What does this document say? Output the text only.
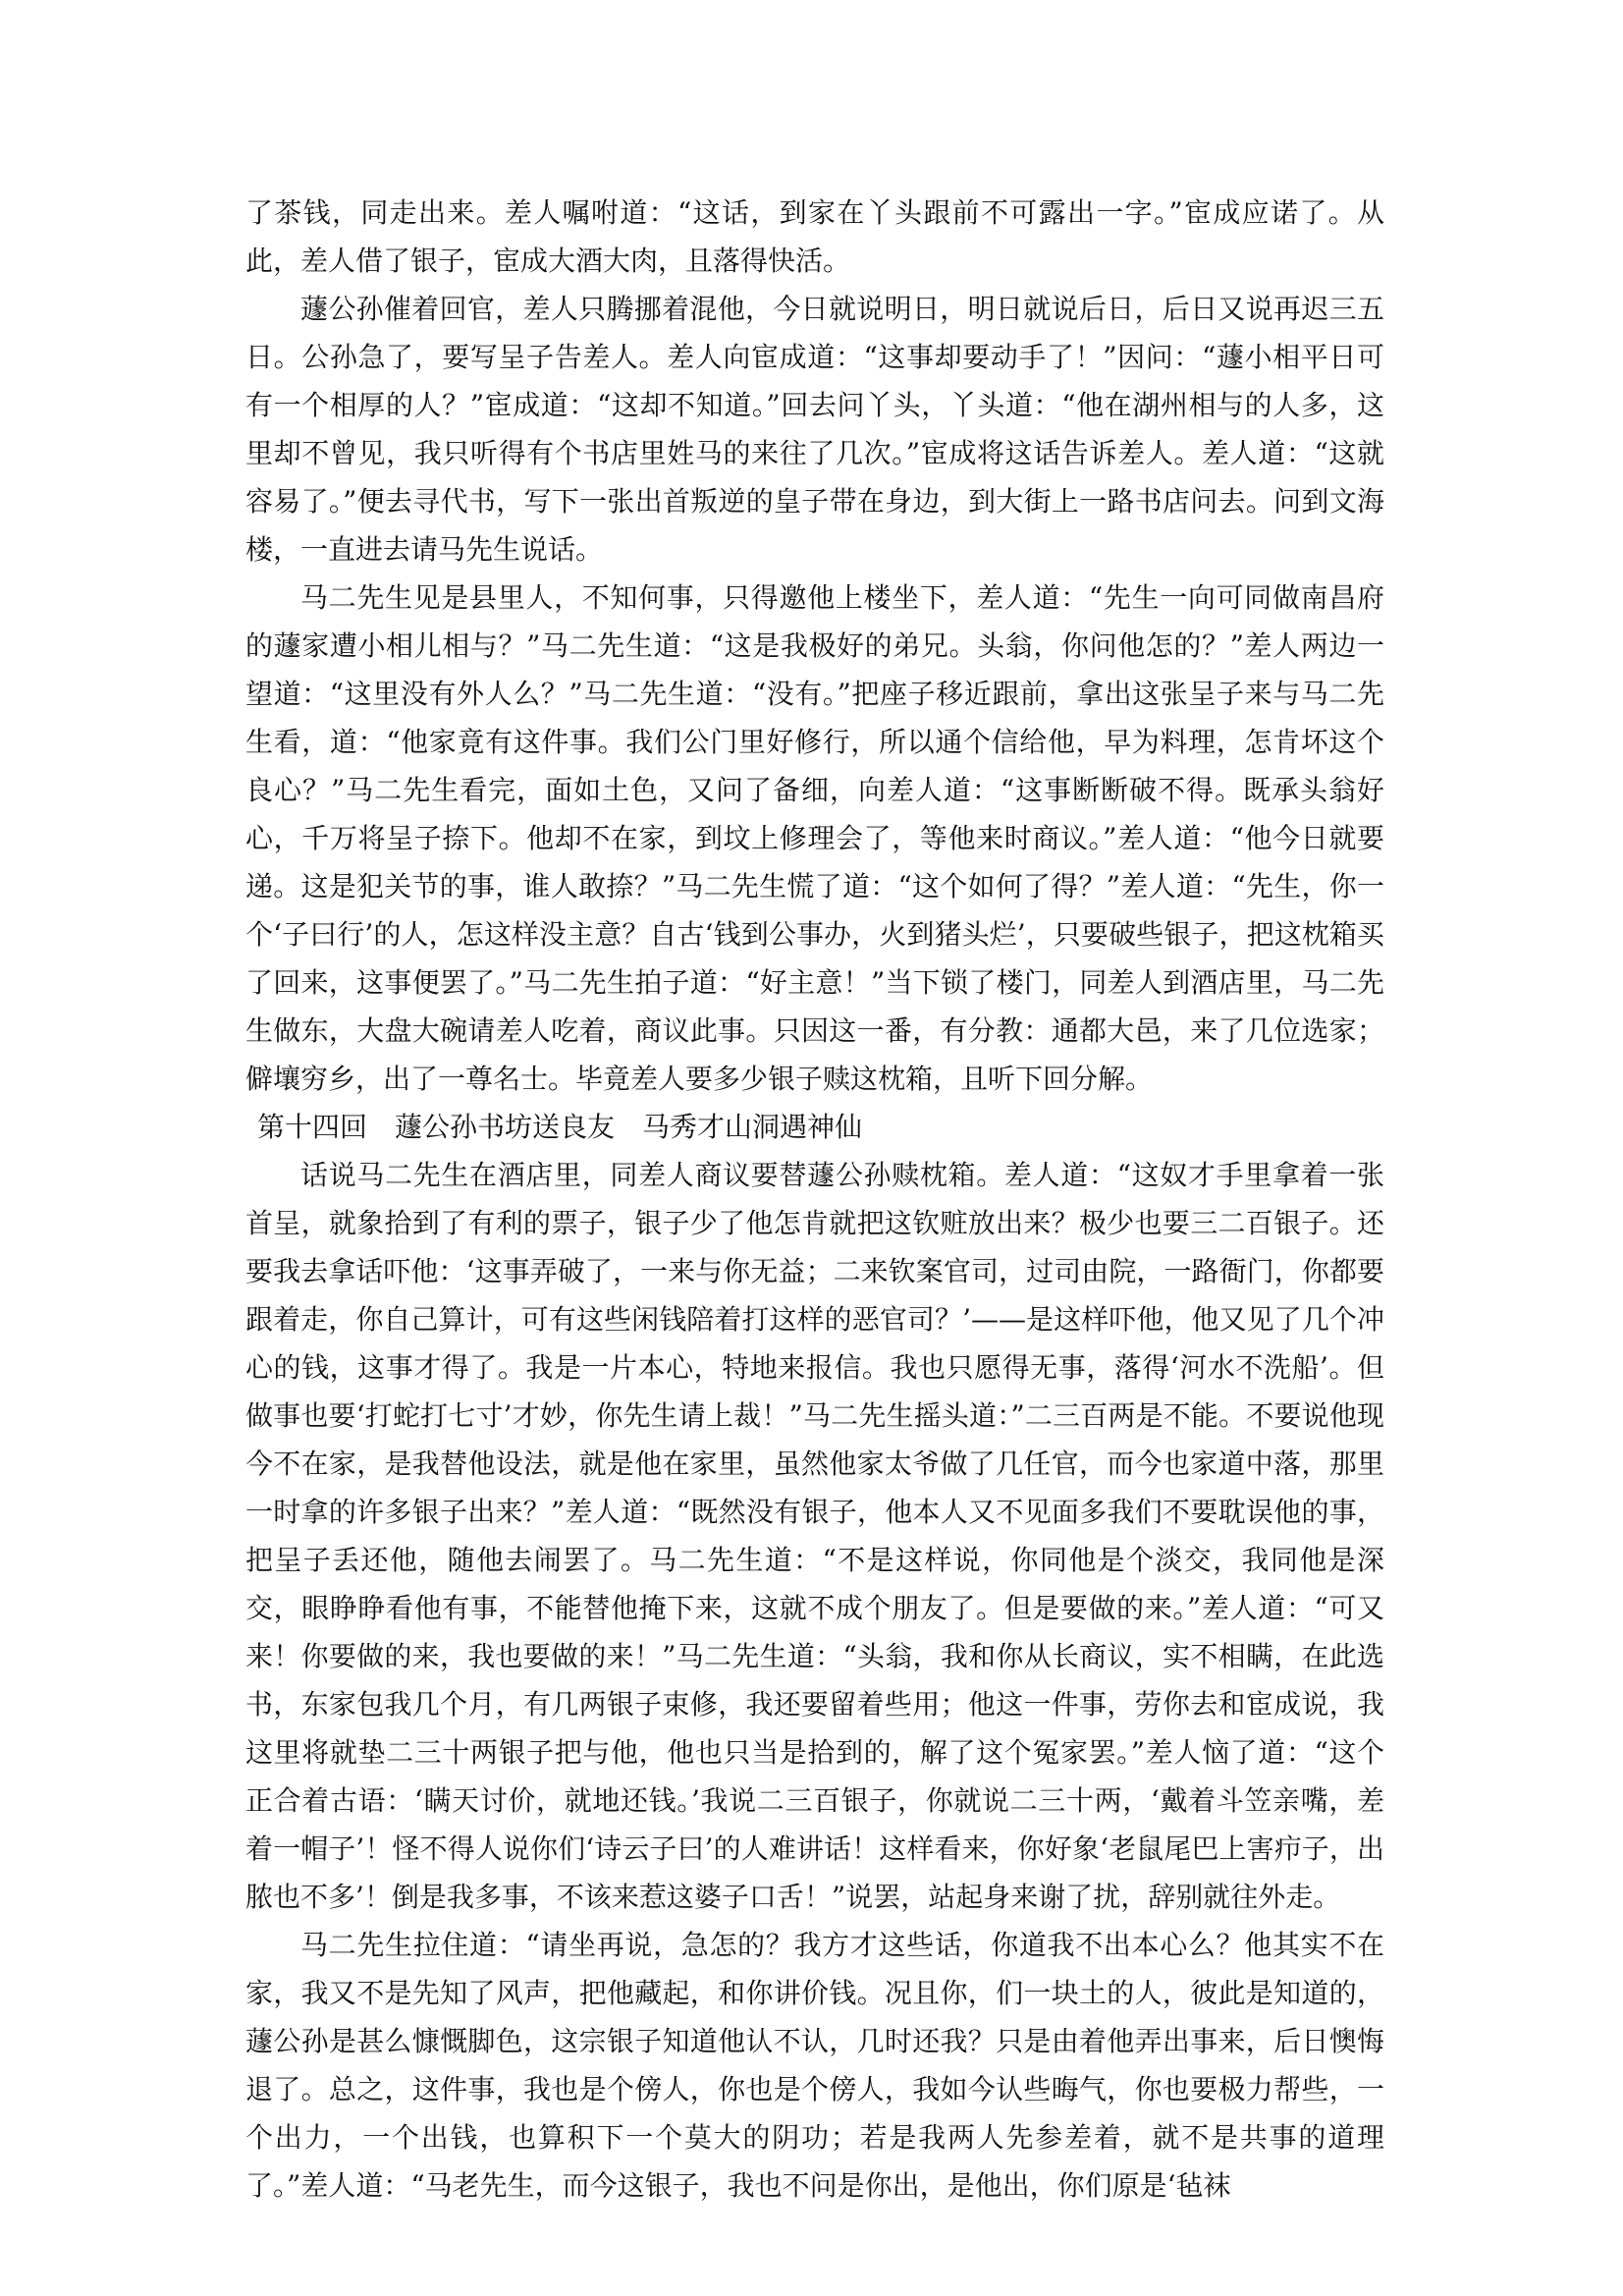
了茶钱，同走出来。差人嘱咐道：“这话，到家在丫头跟前不可露出一字。”宦成应诺了。从此，差人借了银子，宦成大酒大肉，且落得快活。

蘧公孙催着回官，差人只腾挪着混他，今日就说明日，明日就说后日，后日又说再迟三五日。公孙急了，要写呈子告差人。差人向宦成道：“这事却要动手了！”因问：“蘧小相平日可有一个相厚的人？”宦成道：“这却不知道。”回去问丫头，丫头道：“他在湖州相与的人多，这里却不曾见，我只听得有个书店里姓马的来往了几次。”宦成将这话告诉差人。差人道：“这就容易了。”便去寻代书，写下一张出首叛逆的皇子带在身边，到大街上一路书店问去。问到文海楼，一直进去请马先生说话。

马二先生见是县里人，不知何事，只得邀他上楼坐下，差人道：“先生一向可同做南昌府的蘧家遭小相儿相与？”马二先生道：“这是我极好的弟兄。头翁，你问他怎的？”差人两边一望道：“这里没有外人么？”马二先生道：“没有。”把座子移近跟前，拿出这张呈子来与马二先生看，道：“他家竟有这件事。我们公门里好修行，所以通个信给他，早为料理，怎肯坏这个良心？”马二先生看完，面如土色，又问了备细，向差人道：“这事断断破不得。既承头翁好心，千万将呈子捺下。他却不在家，到坟上修理会了，等他来时商议。”差人道：“他今日就要递。这是犯关节的事，谁人敢捺？”马二先生慌了道：“这个如何了得？”差人道：“先生，你一个‘子曰行’的人，怎这样没主意？自古‘钱到公事办，火到猪头烂’，只要破些银子，把这枕箱买了回来，这事便罢了。”马二先生拍子道：“好主意！”当下锁了楼门，同差人到酒店里，马二先生做东，大盘大碗请差人吃着，商议此事。只因这一番，有分教：通都大邑，来了几位选家；僻壤穷乡，出了一尊名士。毕竟差人要多少银子赎这枕箱，且听下回分解。

第十四回　蘧公孙书坊送良友　马秀才山洞遇神仙

话说马二先生在酒店里，同差人商议要替蘧公孙赎枕箱。差人道：“这奴才手里拿着一张首呈，就象拾到了有利的票子，银子少了他怎肯就把这钦赃放出来？极少也要三二百银子。还要我去拿话吓他：‘这事弄破了，一来与你无益；二来钦案官司，过司由院，一路衙门，你都要跟着走，你自己算计，可有这些闲钱陪着打这样的恶官司？’——是这样吓他，他又见了几个冲心的钱，这事才得了。我是一片本心，特地来报信。我也只愿得无事，落得‘河水不洗船’。但做事也要‘打蛇打七寸’才妙，你先生请上裁！”马二先生摇头道：”二三百两是不能。不要说他现今不在家，是我替他设法，就是他在家里，虽然他家太爷做了几任官，而今也家道中落，那里一时拿的许多银子出来？”差人道：“既然没有银子，他本人又不见面多我们不要耽误他的事，把呈子丢还他，随他去闹罢了。马二先生道：“不是这样说，你同他是个淡交，我同他是深交，眼睁睁看他有事，不能替他掩下来，这就不成个朋友了。但是要做的来。”差人道：“可又来！你要做的来，我也要做的来！”马二先生道：“头翁，我和你从长商议，实不相瞒，在此选书，东家包我几个月，有几两银子束修，我还要留着些用；他这一件事，劳你去和宦成说，我这里将就垫二三十两银子把与他，他也只当是拾到的，解了这个冤家罢。”差人恼了道：“这个正合着古语：‘瞒天讨价，就地还钱。’我说二三百银子，你就说二三十两，‘戴着斗笠亲嘴，差着一帽子’！怪不得人说你们‘诗云子曰’的人难讲话！这样看来，你好象‘老鼠尾巴上害疖子，出脓也不多’！倒是我多事，不该来惹这婆子口舌！”说罢，站起身来谢了扰，辞别就往外走。

马二先生拉住道：“请坐再说，急怎的？我方才这些话，你道我不出本心么？他其实不在家，我又不是先知了风声，把他藏起，和你讲价钱。况且你，们一块土的人，彼此是知道的，蘧公孙是甚么慷慨脚色，这宗银子知道他认不认，几时还我？只是由着他弄出事来，后日懊悔退了。总之，这件事，我也是个傍人，你也是个傍人，我如今认些晦气，你也要极力帮些，一个出力，一个出钱，也算积下一个莫大的阴功；若是我两人先参差着，就不是共事的道理了。”差人道：“马老先生，而今这银子，我也不问是你出，是他出，你们原是‘毡袜
